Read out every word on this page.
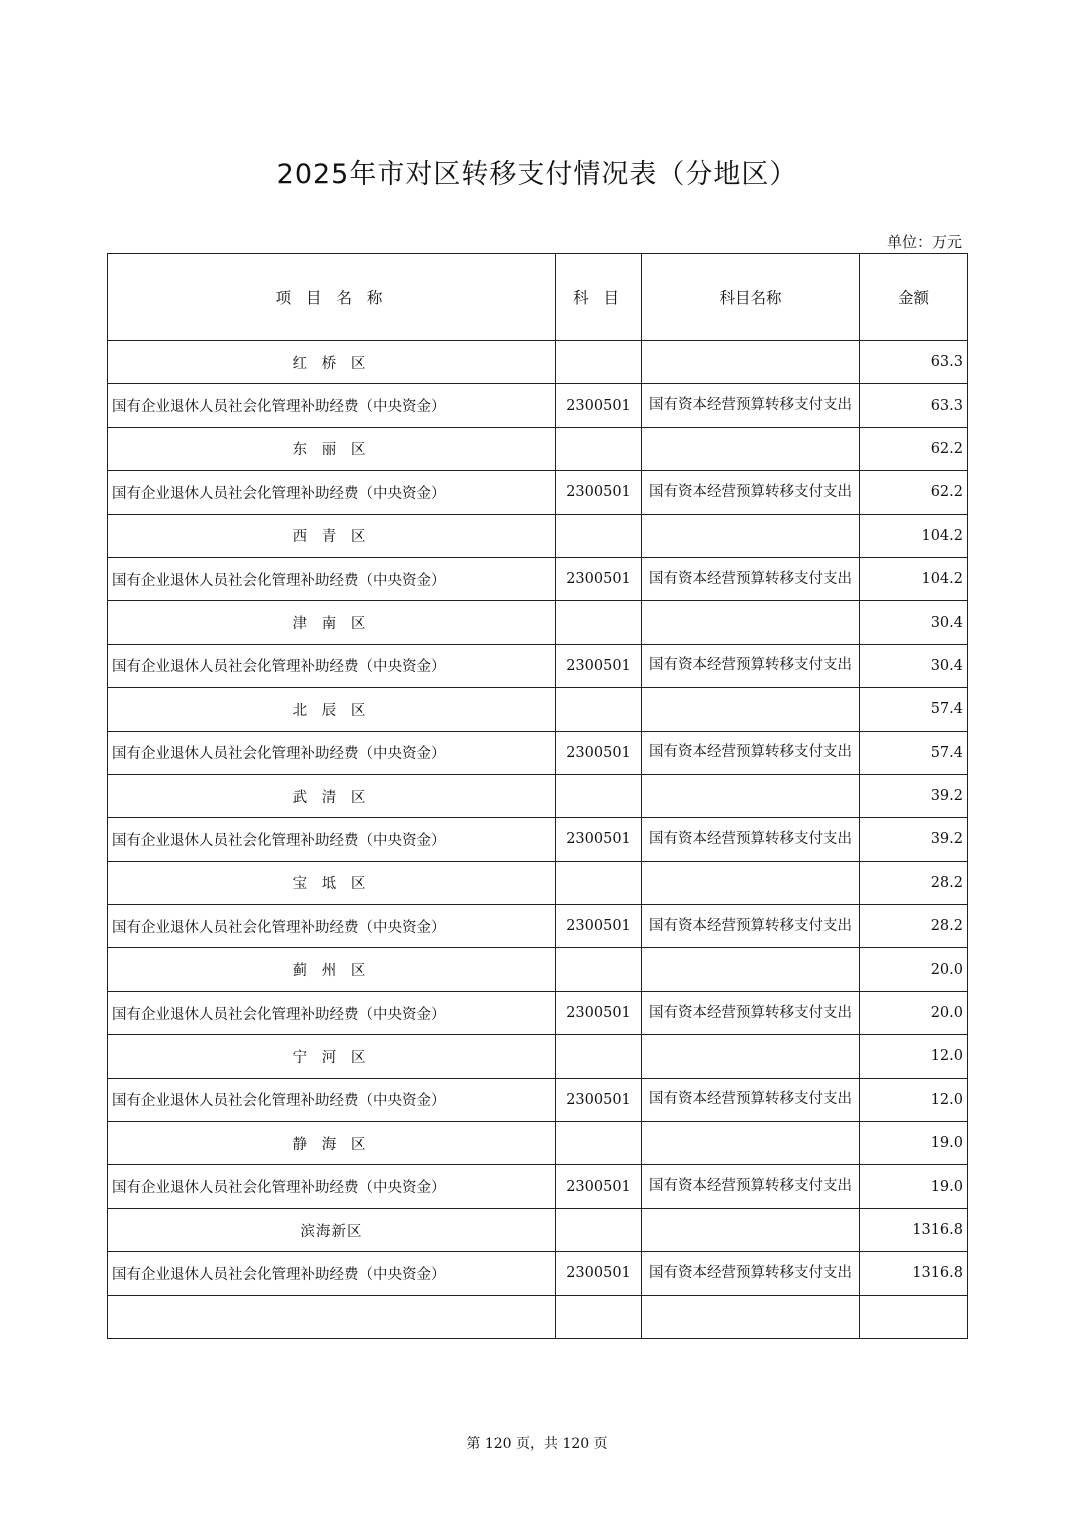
2025年市对区转移支付情况表（分地区）
单位：万元
项 目 名 称	科 目	科目名称	金额
红 桥 区			63.3
国有企业退休人员社会化管理补助经费（中央资金）	2300501	国有资本经营预算转移支付支出	63.3
东 丽 区			62.2
国有企业退休人员社会化管理补助经费（中央资金）	2300501	国有资本经营预算转移支付支出	62.2
西 青 区			104.2
国有企业退休人员社会化管理补助经费（中央资金）	2300501	国有资本经营预算转移支付支出	104.2
津 南 区			30.4
国有企业退休人员社会化管理补助经费（中央资金）	2300501	国有资本经营预算转移支付支出	30.4
北 辰 区			57.4
国有企业退休人员社会化管理补助经费（中央资金）	2300501	国有资本经营预算转移支付支出	57.4
武 清 区			39.2
国有企业退休人员社会化管理补助经费（中央资金）	2300501	国有资本经营预算转移支付支出	39.2
宝 坻 区			28.2
国有企业退休人员社会化管理补助经费（中央资金）	2300501	国有资本经营预算转移支付支出	28.2
蓟 州 区			20.0
国有企业退休人员社会化管理补助经费（中央资金）	2300501	国有资本经营预算转移支付支出	20.0
宁 河 区			12.0
国有企业退休人员社会化管理补助经费（中央资金）	2300501	国有资本经营预算转移支付支出	12.0
静 海 区			19.0
国有企业退休人员社会化管理补助经费（中央资金）	2300501	国有资本经营预算转移支付支出	19.0
滨海新区			1316.8
国有企业退休人员社会化管理补助经费（中央资金）	2300501	国有资本经营预算转移支付支出	1316.8

第 120 页，共 120 页
